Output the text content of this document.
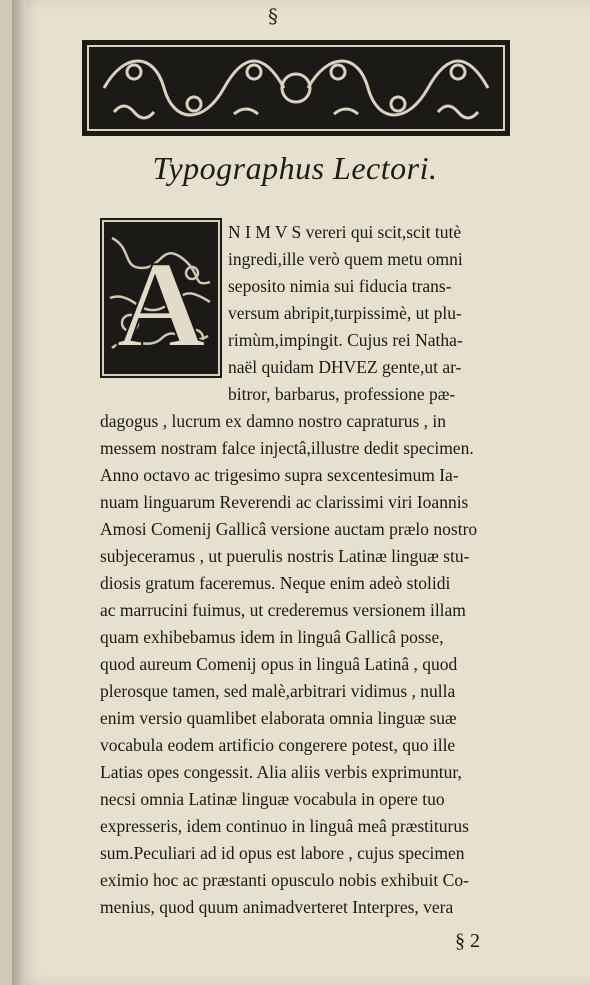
§
Typographus Lectori.
A
N I M V S vereri qui scit,scit tutè
ingredi,ille verò quem metu omni
seposito nimia sui fiducia trans-
versum abripit,turpissimè, ut plu-
rimùm,impingit. Cujus rei Natha-
naël quidam DHVEZ gente,ut ar-
bitror, barbarus, professione pæ-
dagogus , lucrum ex damno nostro capraturus , in
messem nostram falce injectâ,illustre dedit specimen.
Anno octavo ac trigesimo supra sexcentesimum Ia-
nuam linguarum Reverendi ac clarissimi viri Ioannis
Amosi Comenij Gallicâ versione auctam prælo nostro
subjeceramus , ut puerulis nostris Latinæ linguæ stu-
diosis gratum faceremus. Neque enim adeò stolidi
ac marrucini fuimus, ut crederemus versionem illam
quam exhibebamus idem in linguâ Gallicâ posse,
quod aureum Comenij opus in linguâ Latinâ , quod
plerosque tamen, sed malè,arbitrari vidimus , nulla
enim versio quamlibet elaborata omnia linguæ suæ
vocabula eodem artificio congerere potest, quo ille
Latias opes congessit. Alia aliis verbis exprimuntur,
necsi omnia Latinæ linguæ vocabula in opere tuo
expresseris, idem continuo in linguâ meâ præstiturus
sum.Peculiari ad id opus est labore , cujus specimen
eximio hoc ac præstanti opusculo nobis exhibuit Co-
menius, quod quum animadverteret Interpres, vera
§ 2
